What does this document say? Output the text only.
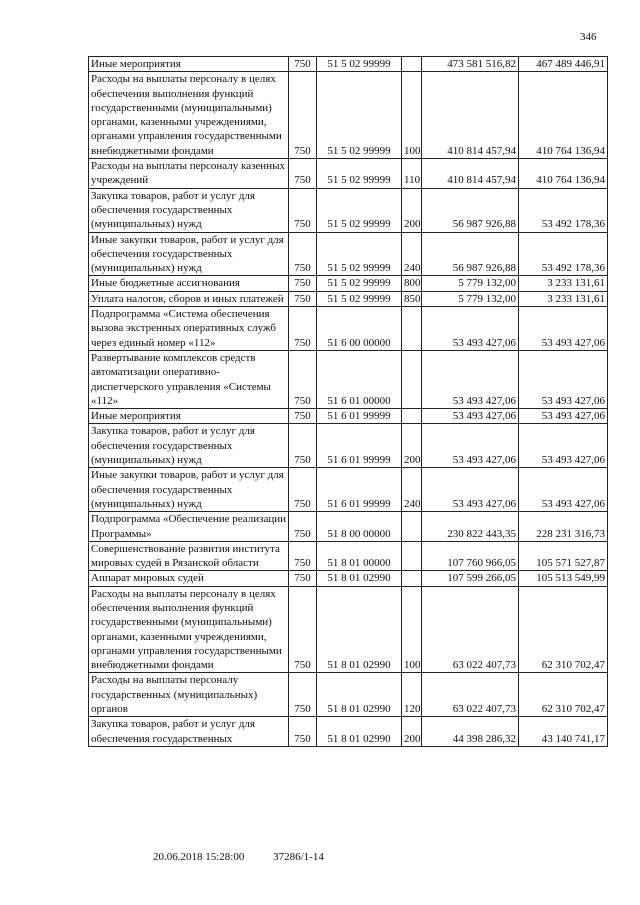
346
Иные мероприятия	750	51 5 02 99999		473 581 516,82	467 489 446,91
Расходы на выплаты персоналу в целях обеспечения выполнения функций государственными (муниципальными) органами, казенными учреждениями, органами управления государственными внебюджетными фондами	750	51 5 02 99999	100	410 814 457,94	410 764 136,94
Расходы на выплаты персоналу казенных учреждений	750	51 5 02 99999	110	410 814 457,94	410 764 136,94
Закупка товаров, работ и услуг для обеспечения государственных (муниципальных) нужд	750	51 5 02 99999	200	56 987 926,88	53 492 178,36
Иные закупки товаров, работ и услуг для обеспечения государственных (муниципальных) нужд	750	51 5 02 99999	240	56 987 926,88	53 492 178,36
Иные бюджетные ассигнования	750	51 5 02 99999	800	5 779 132,00	3 233 131,61
Уплата налогов, сборов и иных платежей	750	51 5 02 99999	850	5 779 132,00	3 233 131,61
Подпрограмма «Система обеспечения вызова экстренных оперативных служб через единый номер «112»	750	51 6 00 00000		53 493 427,06	53 493 427,06
Развертывание комплексов средств автоматизации оперативно-диспетчерского управления «Системы «112»	750	51 6 01 00000		53 493 427,06	53 493 427,06
Иные мероприятия	750	51 6 01 99999		53 493 427,06	53 493 427,06
Закупка товаров, работ и услуг для обеспечения государственных (муниципальных) нужд	750	51 6 01 99999	200	53 493 427,06	53 493 427,06
Иные закупки товаров, работ и услуг для обеспечения государственных (муниципальных) нужд	750	51 6 01 99999	240	53 493 427,06	53 493 427,06
Подпрограмма «Обеспечение реализации Программы»	750	51 8 00 00000		230 822 443,35	228 231 316,73
Совершенствование развития института мировых судей в Рязанской области	750	51 8 01 00000		107 760 966,05	105 571 527,87
Аппарат мировых судей	750	51 8 01 02990		107 599 266,05	105 513 549,99
Расходы на выплаты персоналу в целях обеспечения выполнения функций государственными (муниципальными) органами, казенными учреждениями, органами управления государственными внебюджетными фондами	750	51 8 01 02990	100	63 022 407,73	62 310 702,47
Расходы на выплаты персоналу государственных (муниципальных) органов	750	51 8 01 02990	120	63 022 407,73	62 310 702,47
Закупка товаров, работ и услуг для обеспечения государственных	750	51 8 01 02990	200	44 398 286,32	43 140 741,17
20.06.2018 15:28:00	37286/1-14
